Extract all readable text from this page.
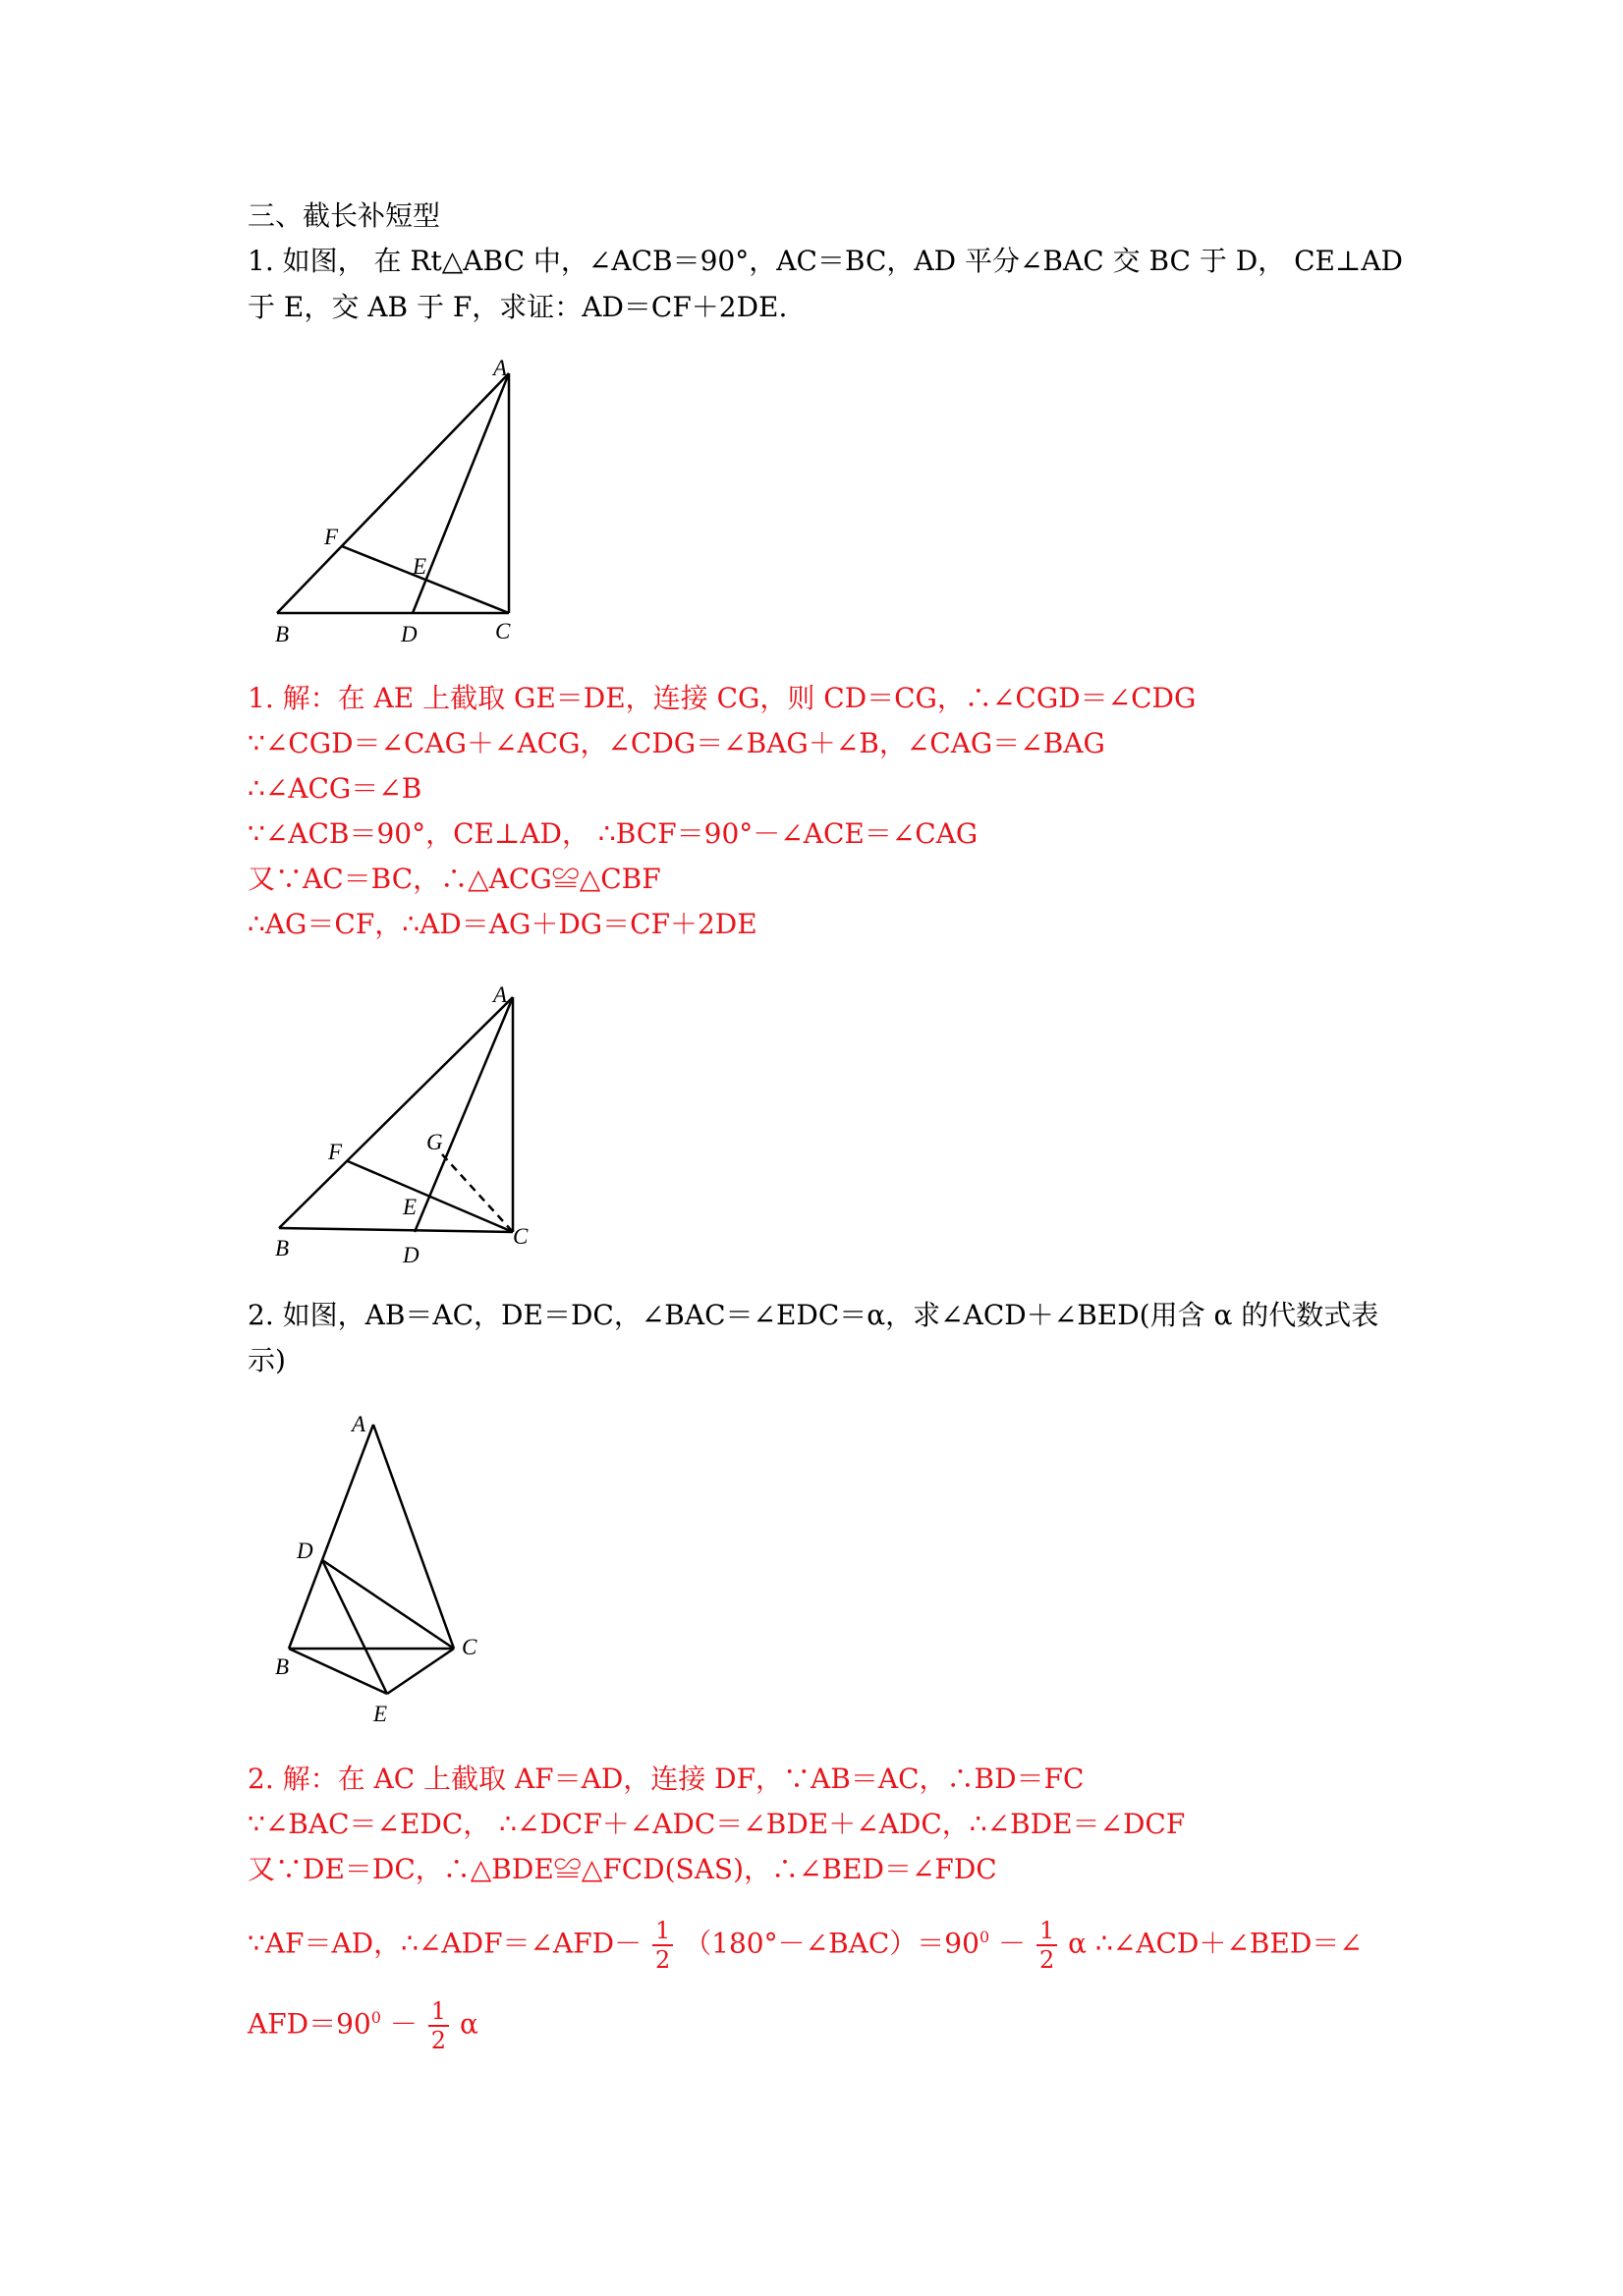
三、截长补短型
1. 如图， 在 Rt△ABC 中，∠ACB＝90°，AC＝BC，AD 平分∠BAC 交 BC 于 D， CE⊥AD
于 E，交 AB 于 F，求证：AD＝CF＋2DE.
A
B	C
D
E
F
1. 解：在 AE 上截取 GE＝DE，连接 CG，则 CD＝CG，∴∠CGD＝∠CDG
∵∠CGD＝∠CAG＋∠ACG，∠CDG＝∠BAG＋∠B，∠CAG＝∠BAG
∴∠ACG＝∠B
∵∠ACB＝90°，CE⊥AD， ∴BCF＝90°－∠ACE＝∠CAG
又∵AC＝BC，∴△ACG≌△CBF
∴AG＝CF，∴AD＝AG＋DG＝CF＋2DE
A
B	C
D
E
F	G
2. 如图，AB＝AC，DE＝DC，∠BAC＝∠EDC＝α，求∠ACD＋∠BED(用含 α 的代数式表
示)
A
B
C
D
E
2. 解：在 AC 上截取 AF＝AD，连接 DF，∵AB＝AC，∴BD＝FC
∵∠BAC＝∠EDC， ∴∠DCF＋∠ADC＝∠BDE＋∠ADC，∴∠BDE＝∠DCF
又∵DE＝DC，∴△BDE≌△FCD(SAS)，∴∠BED＝∠FDC
∵AF＝AD，∴∠ADF＝∠AFD－ $\frac{1}{2}$ $(180^\circ-\angle BAC)=90^0 - \frac{1}{2}$ α ∴∠ACD＋∠BED＝∠
$AFD=90^0 - \frac{1}{2}$ α
